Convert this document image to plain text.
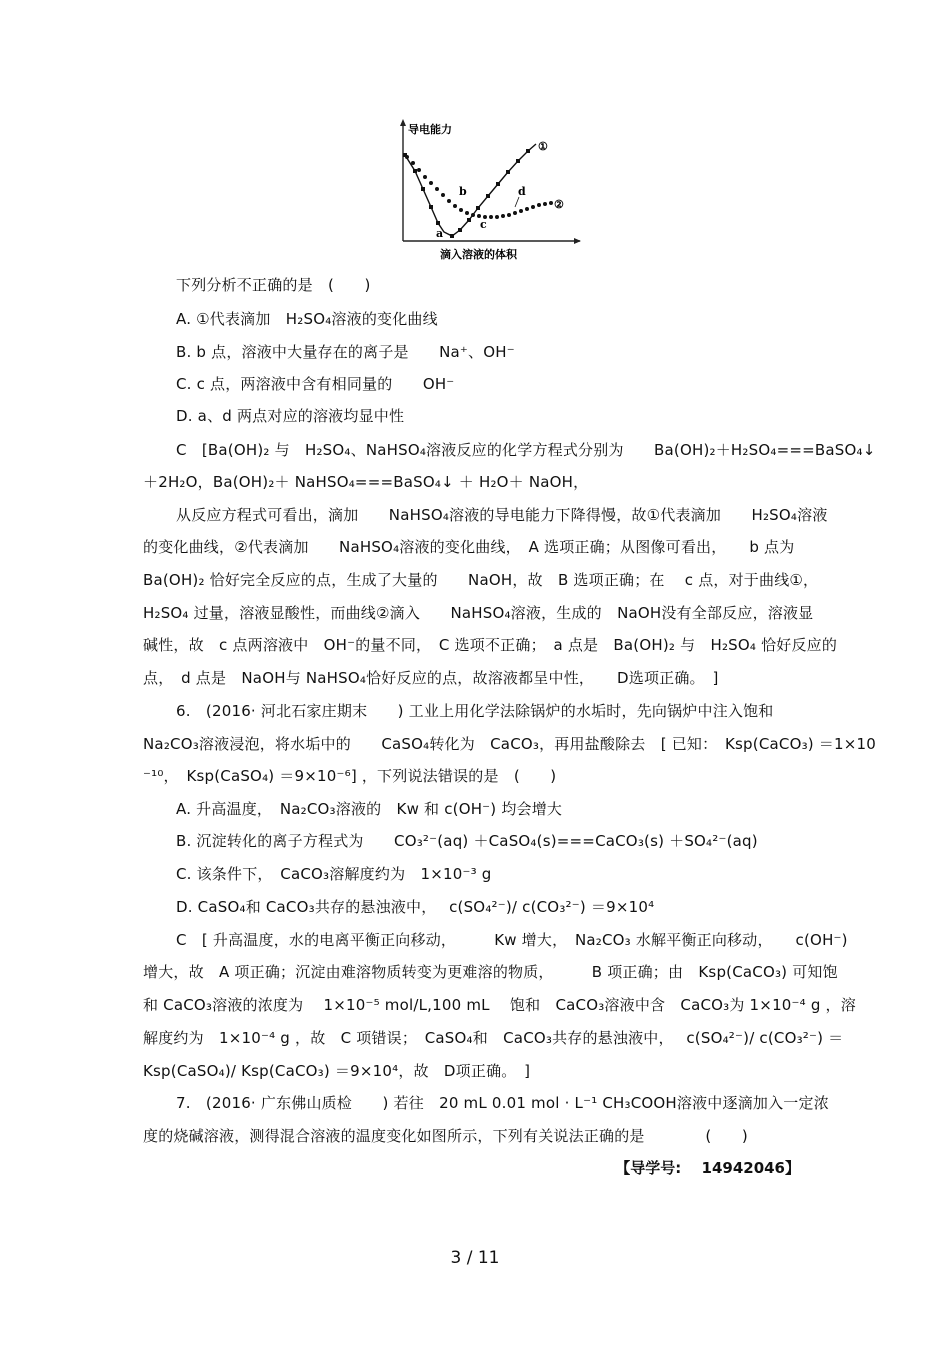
导电能力
滴入溶液的体积
①
②
a
b
c
d
下列分析不正确的是　(　　)
A. ①代表滴加　H₂SO₄溶液的变化曲线
B. b 点，溶液中大量存在的离子是　　Na⁺、OH⁻
C. c 点，两溶液中含有相同量的　　OH⁻
D. a、d 两点对应的溶液均显中性
C　[Ba(OH)₂ 与　H₂SO₄、NaHSO₄溶液反应的化学方程式分别为　　Ba(OH)₂＋H₂SO₄===BaSO₄↓
＋2H₂O，Ba(OH)₂＋ NaHSO₄===BaSO₄↓ ＋ H₂O＋ NaOH，
从反应方程式可看出，滴加　　NaHSO₄溶液的导电能力下降得慢，故①代表滴加　　H₂SO₄溶液
的变化曲线，②代表滴加　　NaHSO₄溶液的变化曲线，　A 选项正确；从图像可看出，　　b 点为
Ba(OH)₂ 恰好完全反应的点，生成了大量的　　NaOH，故　B 选项正确；在　 c 点，对于曲线①，
H₂SO₄ 过量，溶液显酸性，而曲线②滴入　　NaHSO₄溶液，生成的　NaOH没有全部反应，溶液显
碱性，故　c 点两溶液中　OH⁻的量不同，　C 选项不正确；　a 点是　Ba(OH)₂ 与　H₂SO₄ 恰好反应的
点，　d 点是　NaOH与 NaHSO₄恰好反应的点，故溶液都呈中性，　　D选项正确。　]
6.　(2016· 河北石家庄期末　　) 工业上用化学法除锅炉的水垢时，先向锅炉中注入饱和
Na₂CO₃溶液浸泡，将水垢中的　　CaSO₄转化为　CaCO₃，再用盐酸除去　[ 已知：　Ksp(CaCO₃) ＝1×10
⁻¹⁰，　Ksp(CaSO₄) ＝9×10⁻⁶] ，下列说法错误的是　(　　)
A. 升高温度，　Na₂CO₃溶液的　Kw 和 c(OH⁻) 均会增大
B. 沉淀转化的离子方程式为　　CO₃²⁻(aq) ＋CaSO₄(s)===CaCO₃(s) ＋SO₄²⁻(aq)
C. 该条件下，　CaCO₃溶解度约为　1×10⁻³ g
D. CaSO₄和 CaCO₃共存的悬浊液中，　 c(SO₄²⁻)/ c(CO₃²⁻) ＝9×10⁴
C　[ 升高温度，水的电离平衡正向移动，　　　Kw 增大，　Na₂CO₃ 水解平衡正向移动，　　c(OH⁻)
增大，故　A 项正确；沉淀由难溶物质转变为更难溶的物质，　　　B 项正确；由　Ksp(CaCO₃) 可知饱
和 CaCO₃溶液的浓度为　 1×10⁻⁵ mol/L,100 mL　 饱和　CaCO₃溶液中含　CaCO₃为 1×10⁻⁴ g ，溶
解度约为　1×10⁻⁴ g ，故　C 项错误；　CaSO₄和　CaCO₃共存的悬浊液中，　 c(SO₄²⁻)/ c(CO₃²⁻) ＝
Ksp(CaSO₄)/ Ksp(CaCO₃) ＝9×10⁴，故　D项正确。　]
7.　(2016· 广东佛山质检　　) 若往　20 mL 0.01 mol · L⁻¹ CH₃COOH溶液中逐滴加入一定浓
度的烧碱溶液，测得混合溶液的温度变化如图所示，下列有关说法正确的是　　　　(　　)
【导学号:　 14942046】
3 / 11
